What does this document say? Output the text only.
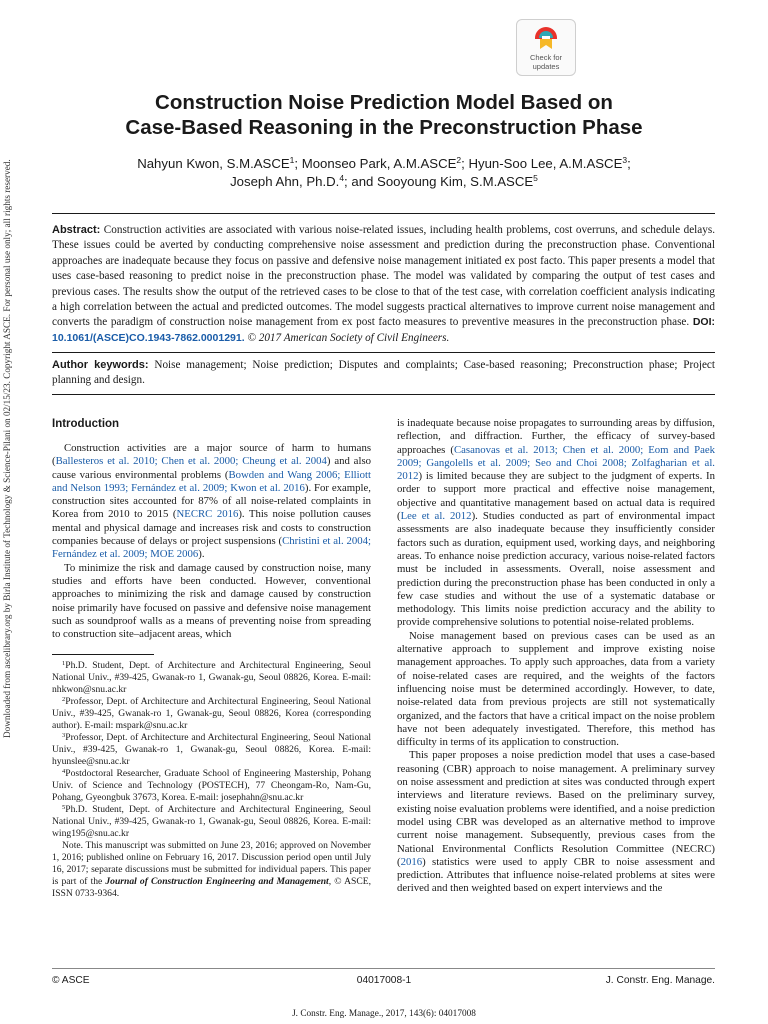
Downloaded from ascelibrary.org by Birla Institute of Technology & Science-Pilani on 02/15/23. Copyright ASCE. For personal use only; all rights reserved.
Check for
updates
Construction Noise Prediction Model Based on
Case-Based Reasoning in the Preconstruction Phase
Nahyun Kwon, S.M.ASCE$^1$; Moonseo Park, A.M.ASCE$^2$; Hyun-Soo Lee, A.M.ASCE$^3$;
Joseph Ahn, Ph.D.$^4$; and Sooyoung Kim, S.M.ASCE$^5$
Abstract: Construction activities are associated with various noise-related issues, including health problems, cost overruns, and schedule delays. These issues could be averted by conducting comprehensive noise assessment and prediction during the preconstruction phase. Conventional approaches are inadequate because they focus on passive and defensive noise management initiated ex post facto. This paper presents a model that uses case-based reasoning to predict noise in the preconstruction phase. The model was validated by comparing the output of test cases and previous cases. The results show the output of the retrieved cases to be close to that of the test case, with correlation coefficient analysis indicating a high correlation between the actual and predicted outcomes. The model suggests practical alternatives to improve current noise management and converts the paradigm of construction noise management from ex post facto measures to preventive measures in the preconstruction phase. DOI: 10.1061/(ASCE)CO.1943-7862.0001291. © 2017 American Society of Civil Engineers.
Author keywords: Noise management; Noise prediction; Disputes and complaints; Case-based reasoning; Preconstruction phase; Project planning and design.
Introduction
Construction activities are a major source of harm to humans (Ballesteros et al. 2010; Chen et al. 2000; Cheung et al. 2004) and also cause various environmental problems (Bowden and Wang 2006; Elliott and Nelson 1993; Fernández et al. 2009; Kwon et al. 2016). For example, construction sites accounted for 87% of all noise-related complaints in Korea from 2010 to 2015 (NECRC 2016). This noise pollution causes mental and physical damage and increases risk and costs to construction companies because of delays or project suspensions (Christini et al. 2004; Fernández et al. 2009; MOE 2006).
To minimize the risk and damage caused by construction noise, many studies and efforts have been conducted. However, conventional approaches to minimizing the risk and damage caused by construction noise primarily have focused on passive and defensive noise management such as soundproof walls as a means of preventing noise from spreading to construction site–adjacent areas, which
$^1$Ph.D. Student, Dept. of Architecture and Architectural Engineering, Seoul National Univ., #39-425, Gwanak-ro 1, Gwanak-gu, Seoul 08826, Korea. E-mail: nhkwon@snu.ac.kr
$^2$Professor, Dept. of Architecture and Architectural Engineering, Seoul National Univ., #39-425, Gwanak-ro 1, Gwanak-gu, Seoul 08826, Korea (corresponding author). E-mail: mspark@snu.ac.kr
$^3$Professor, Dept. of Architecture and Architectural Engineering, Seoul National Univ., #39-425, Gwanak-ro 1, Gwanak-gu, Seoul 08826, Korea. E-mail: hyunslee@snu.ac.kr
$^4$Postdoctoral Researcher, Graduate School of Engineering Mastership, Pohang Univ. of Science and Technology (POSTECH), 77 Cheongam-Ro, Nam-Gu, Pohang, Gyeongbuk 37673, Korea. E-mail: josephahn@snu.ac.kr
$^5$Ph.D. Student, Dept. of Architecture and Architectural Engineering, Seoul National Univ., #39-425, Gwanak-ro 1, Gwanak-gu, Seoul 08826, Korea. E-mail: wing195@snu.ac.kr
Note. This manuscript was submitted on June 23, 2016; approved on November 1, 2016; published online on February 16, 2017. Discussion period open until July 16, 2017; separate discussions must be submitted for individual papers. This paper is part of the Journal of Construction Engineering and Management, © ASCE, ISSN 0733-9364.
is inadequate because noise propagates to surrounding areas by diffusion, reflection, and diffraction. Further, the efficacy of survey-based approaches (Casanovas et al. 2013; Chen et al. 2000; Eom and Paek 2009; Gangolells et al. 2009; Seo and Choi 2008; Zolfagharian et al. 2012) is limited because they are subject to the judgment of experts. In order to support more practical and effective noise management, objective and quantitative management based on actual data is required (Lee et al. 2012). Studies conducted as part of environmental impact assessments are also inadequate because they insufficiently consider factors such as duration, equipment used, working days, and neighboring areas. To enhance noise prediction accuracy, various noise-related factors must be included in assessments. Overall, noise assessment and prediction during the preconstruction phase has been conducted in only a few case studies and without the use of a systematic database or methodology. This limits noise prediction accuracy and the ability to provide comprehensive solutions to potential noise-related problems.
Noise management based on previous cases can be used as an alternative approach to supplement and improve existing noise management approaches. To apply such approaches, data from a variety of noise-related cases are required, and the weights of the factors influencing noise must be determined accordingly. However, to date, noise-related data from previous projects are still not systematically organized, and the factors that have a critical impact on the noise problem have not been adequately investigated. Therefore, this method has difficulty in terms of its application to construction.
This paper proposes a noise prediction model that uses a case-based reasoning (CBR) approach to noise management. A preliminary survey on noise assessment and prediction at sites was conducted through expert interviews and literature reviews. Based on the preliminary survey, existing noise evaluation problems were identified, and a noise prediction model using CBR was developed as an alternative method to improve current noise management. Subsequently, previous cases from the National Environmental Conflicts Resolution Committee (NECRC) (2016) statistics were used to apply CBR to noise assessment and prediction. Attributes that influence noise-related problems at sites were derived and then weighted based on expert interviews and the
© ASCE	04017008-1	J. Constr. Eng. Manage.
J. Constr. Eng. Manage., 2017, 143(6): 04017008
